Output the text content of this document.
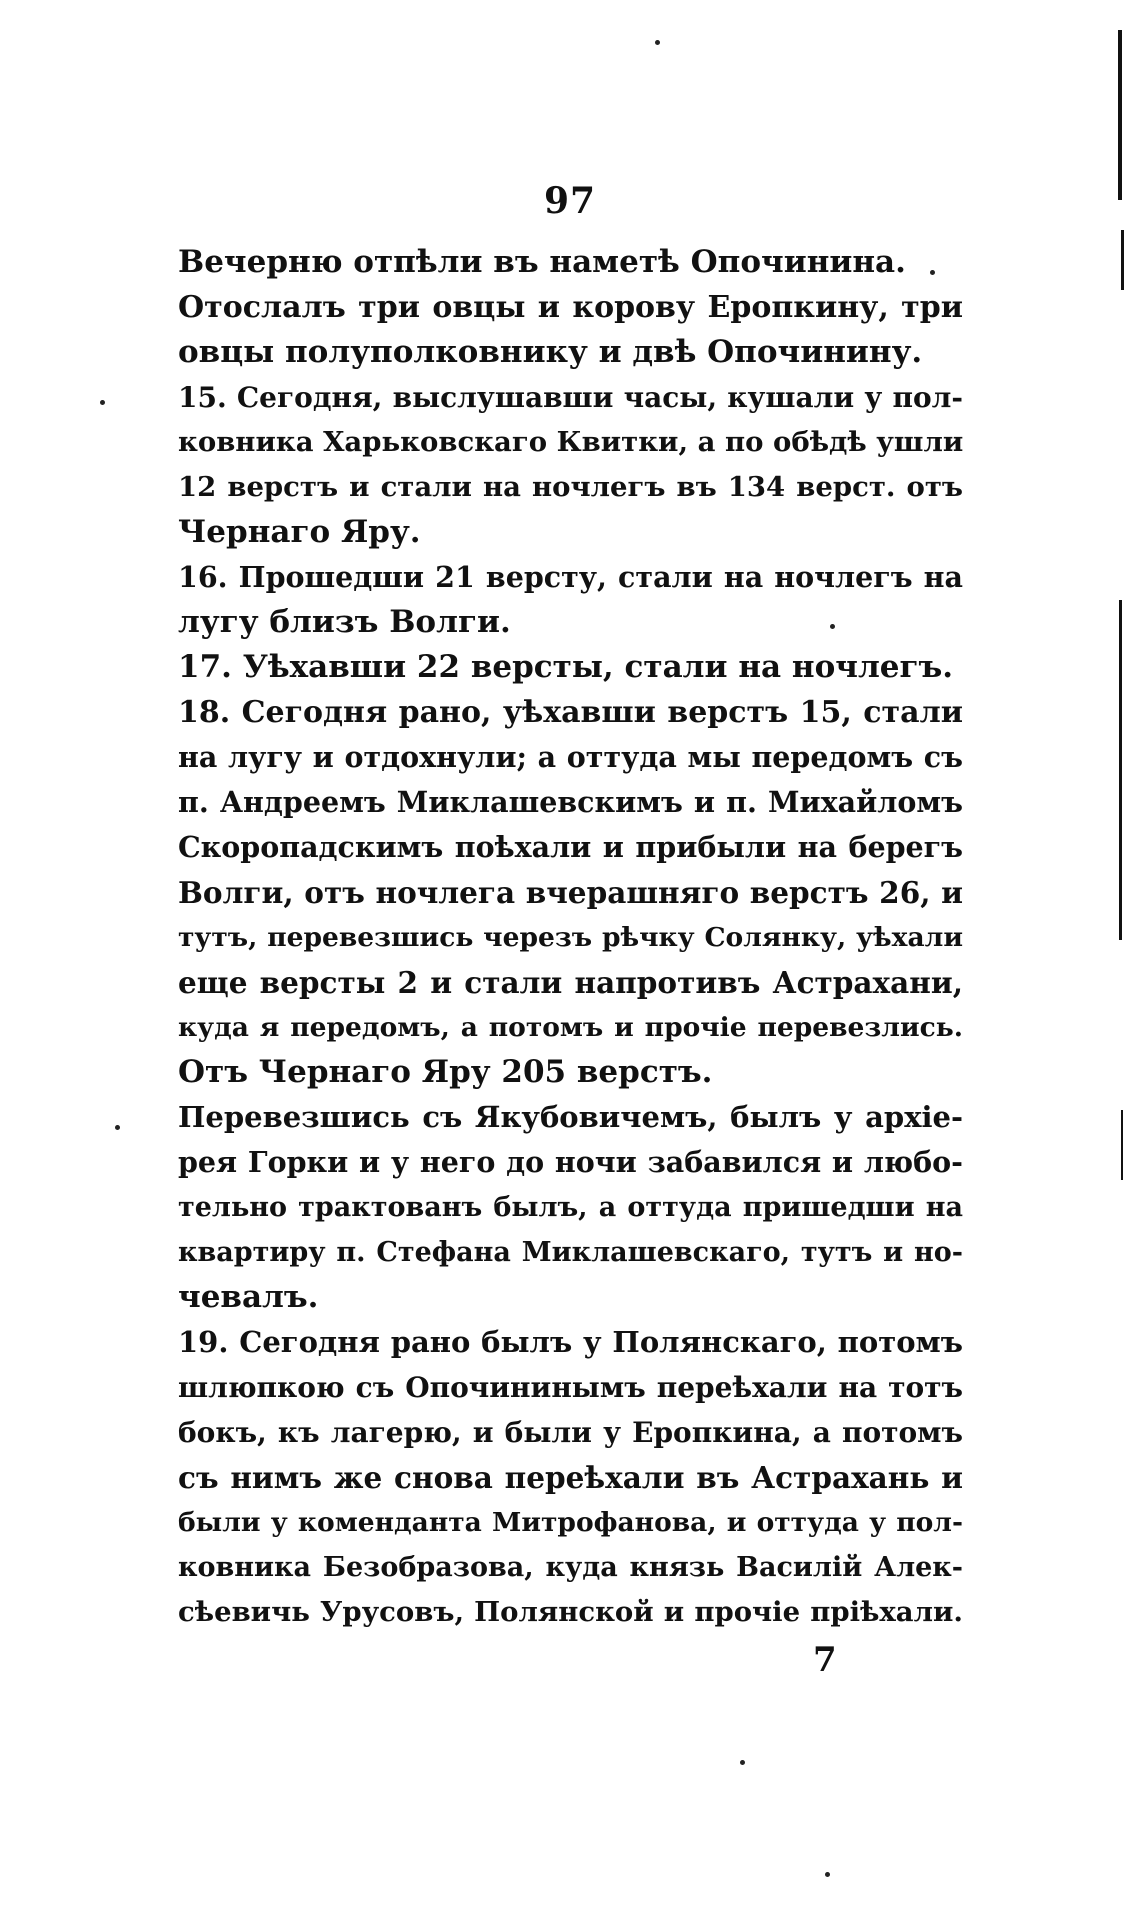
97

Вечерню отпѣли въ наметѣ Опочинина.

Отослалъ три овцы и корову Еропкину, три
овцы полуполковнику и двѣ Опочинину.

15. Сегодня, выслушавши часы, кушали у пол-
ковника Харьковскаго Квитки, а по обѣдѣ ушли
12 верстъ и стали на ночлегъ въ 134 верст. отъ
Чернаго Яру.

16. Прошедши 21 версту, стали на ночлегъ на
лугу близъ Волги.

17. Уѣхавши 22 версты, стали на ночлегъ.

18. Сегодня рано, уѣхавши верстъ 15, стали
на лугу и отдохнули; а оттуда мы передомъ съ
п. Андреемъ Миклашевскимъ и п. Михайломъ
Скоропадскимъ поѣхали и прибыли на берегъ
Волги, отъ ночлега вчерашняго верстъ 26, и
тутъ, перевезшись черезъ рѣчку Солянку, уѣхали
еще версты 2 и стали напротивъ Астрахани,
куда я передомъ, а потомъ и прочіе перевезлись.
Отъ Чернаго Яру 205 верстъ.

Перевезшись съ Якубовичемъ, былъ у архіе-
рея Горки и у него до ночи забавился и любо-
тельно трактованъ былъ, а оттуда пришедши на
квартиру п. Стефана Миклашевскаго, тутъ и но-
чевалъ.

19. Сегодня рано былъ у Полянскаго, потомъ
шлюпкою съ Опочининымъ переѣхали на тотъ
бокъ, къ лагерю, и были у Еропкина, а потомъ
съ нимъ же снова переѣхали въ Астрахань и
были у коменданта Митрофанова, и оттуда у пол-
ковника Безобразова, куда князь Василій Алек-
сѣевичь Урусовъ, Полянской и прочіе пріѣхали.

7
